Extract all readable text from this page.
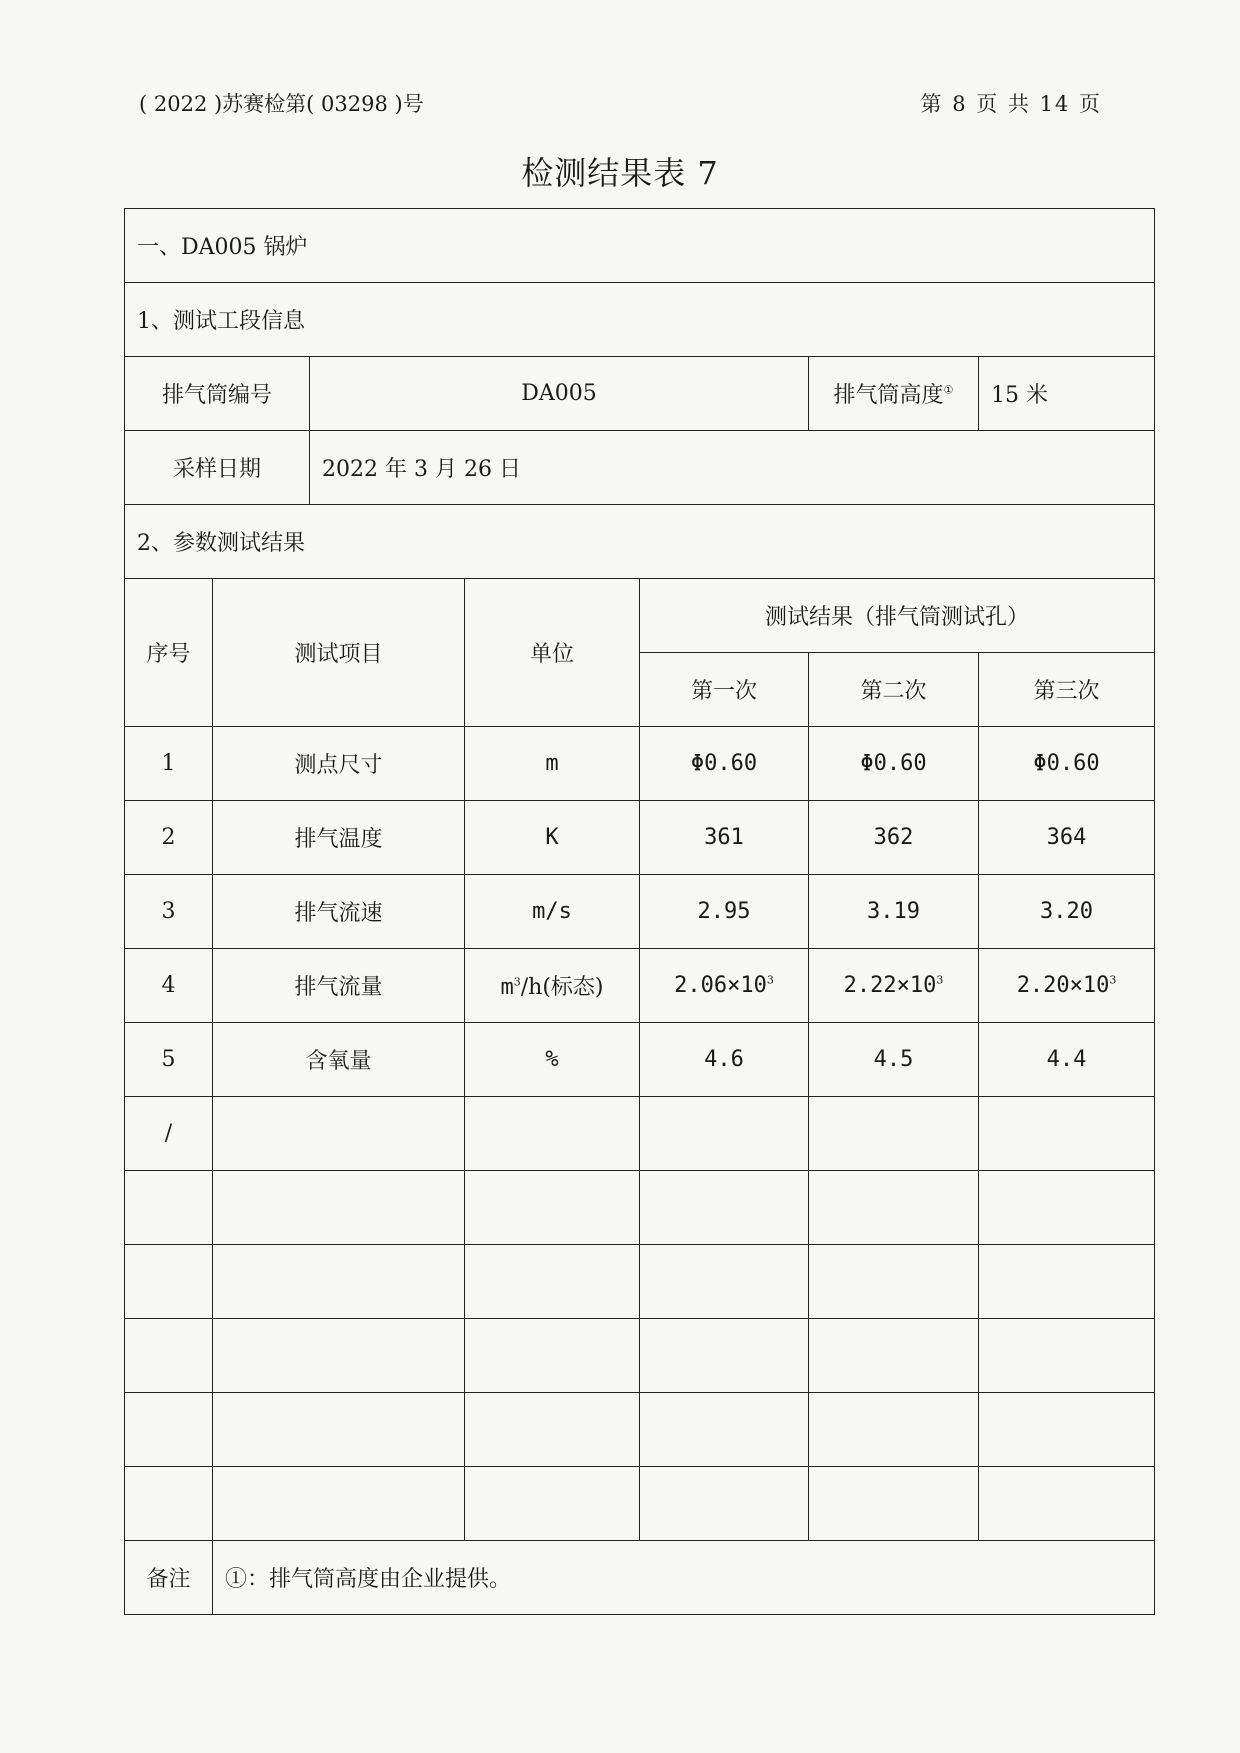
( 2022 )苏赛检第( 03298 )号	第 8 页 共 14 页
检测结果表 7
一、DA005 锅炉						
1、测试工段信息						
排气筒编号		DA005			排气筒高度①	15 米
采样日期		2022 年 3 月 26 日				
2、参数测试结果						
序号	测试项目		单位	测试结果（排气筒测试孔）		
				第一次	第二次	第三次
1	测点尺寸		m	Φ0.60	Φ0.60	Φ0.60
2	排气温度		K	361	362	364
3	排气流速		m/s	2.95	3.19	3.20
4	排气流量		$m^3/h$(标态)	$2.06\times 10^3$	$2.22\times 10^3$	$2.20\times 10^3$
5	含氧量		%	4.6	4.5	4.4
/						

备注	①：排气筒高度由企业提供。					
